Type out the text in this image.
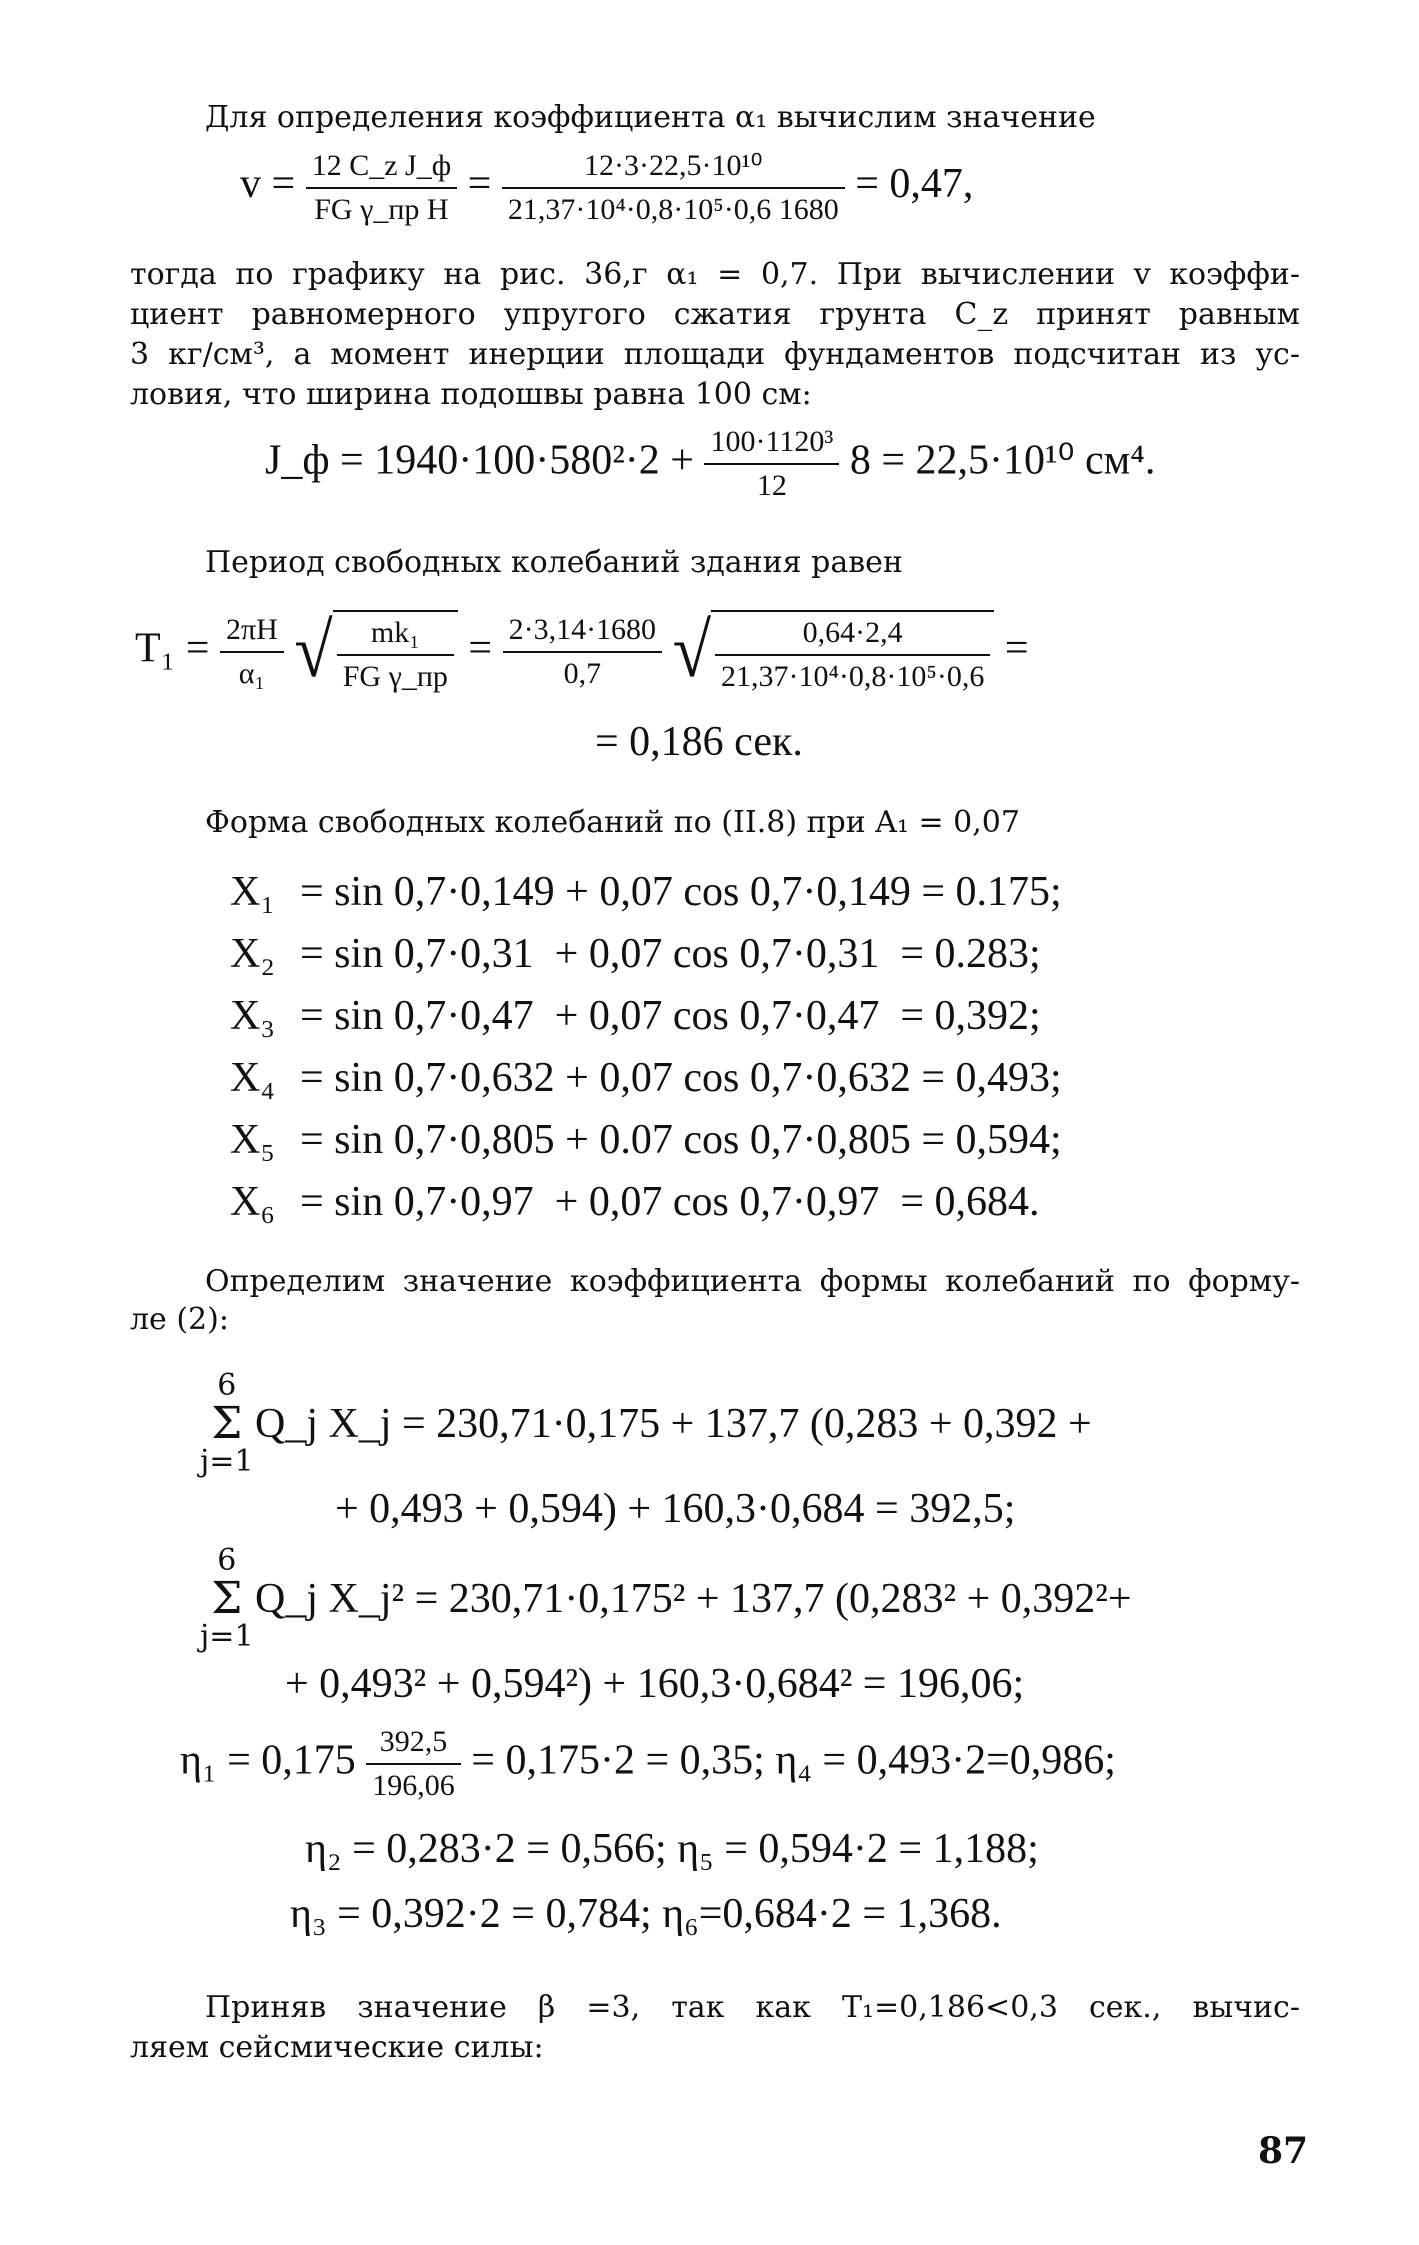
Для определения коэффициента α₁ вычислим значение
$v = \frac{\text{12 C\_z J\_ф}}{\text{FG γ\_пр H}} = \frac{\text{12·3·22,5·10¹⁰}}{\text{21,37·10⁴·0,8·10⁵·0,6 1680}} = 0,47$,
тогда по графику на рис. 36,г α₁ = 0,7. При вычислении v коэффи-
циент равномерного упругого сжатия грунта C_z принят равным
3 кг/см³, а момент инерции площади фундаментов подсчитан из ус-
ловия, что ширина подошвы равна 100 см:
J_ф = $1940\cdot 100\cdot 580^2\cdot 2 + \frac{\text{100·1120³}}{12} 8 = 22,5\cdot 10^{10}$ см⁴.
Период свободных колебаний здания равен
$T_1 = \frac{2\pi H}{\text{α₁}}$ √ $\frac{\text{mk₁}}{\text{FG γ\_пр}} = \frac{2\cdot 3,14\cdot 1680}{0,7}$ √ $\frac{0,64\cdot 2,4}{\text{21,37·10⁴·0,8·10⁵·0,6}}$ =
= 0,186 сек.
Форма свободных колебаний по (II.8) при A₁ = 0,07
X₁ = sin 0,7·0,149 + 0,07 cos 0,7·0,149 = 0.175;
X₂ = sin 0,7·0,31  + 0,07 cos 0,7·0,31  = 0.283;
X₃ = sin 0,7·0,47  + 0,07 cos 0,7·0,47  = 0,392;
X₄ = sin 0,7·0,632 + 0,07 cos 0,7·0,632 = 0,493;
X₅ = sin 0,7·0,805 + 0.07 cos 0,7·0,805 = 0,594;
X₆ = sin 0,7·0,97  + 0,07 cos 0,7·0,97  = 0,684.
Определим значение коэффициента формы колебаний по форму-
ле (2):
6
Σ
j=1
Q_j X_j = 230,71·0,175 + 137,7 (0,283 + 0,392 +
+ 0,493 + 0,594) + 160,3·0,684 = 392,5;
6
Σ
j=1
Q_j X_j² = 230,71·0,175² + 137,7 (0,283² + 0,392²+
+ 0,493² + 0,594²) + 160,3·0,684² = 196,06;
$\eta_1 = 0,175 \frac{392,5}{196,06} = 0,175\cdot 2 = 0,35$; η₄ = 0,493·2=0,986;
η₂ = 0,283·2 = 0,566; η₅ = 0,594·2 = 1,188;
η₃ = 0,392·2 = 0,784; η₆=0,684·2 = 1,368.
Приняв значение β =3, так как T₁=0,186<0,3 сек., вычис-
ляем сейсмические силы:
87
